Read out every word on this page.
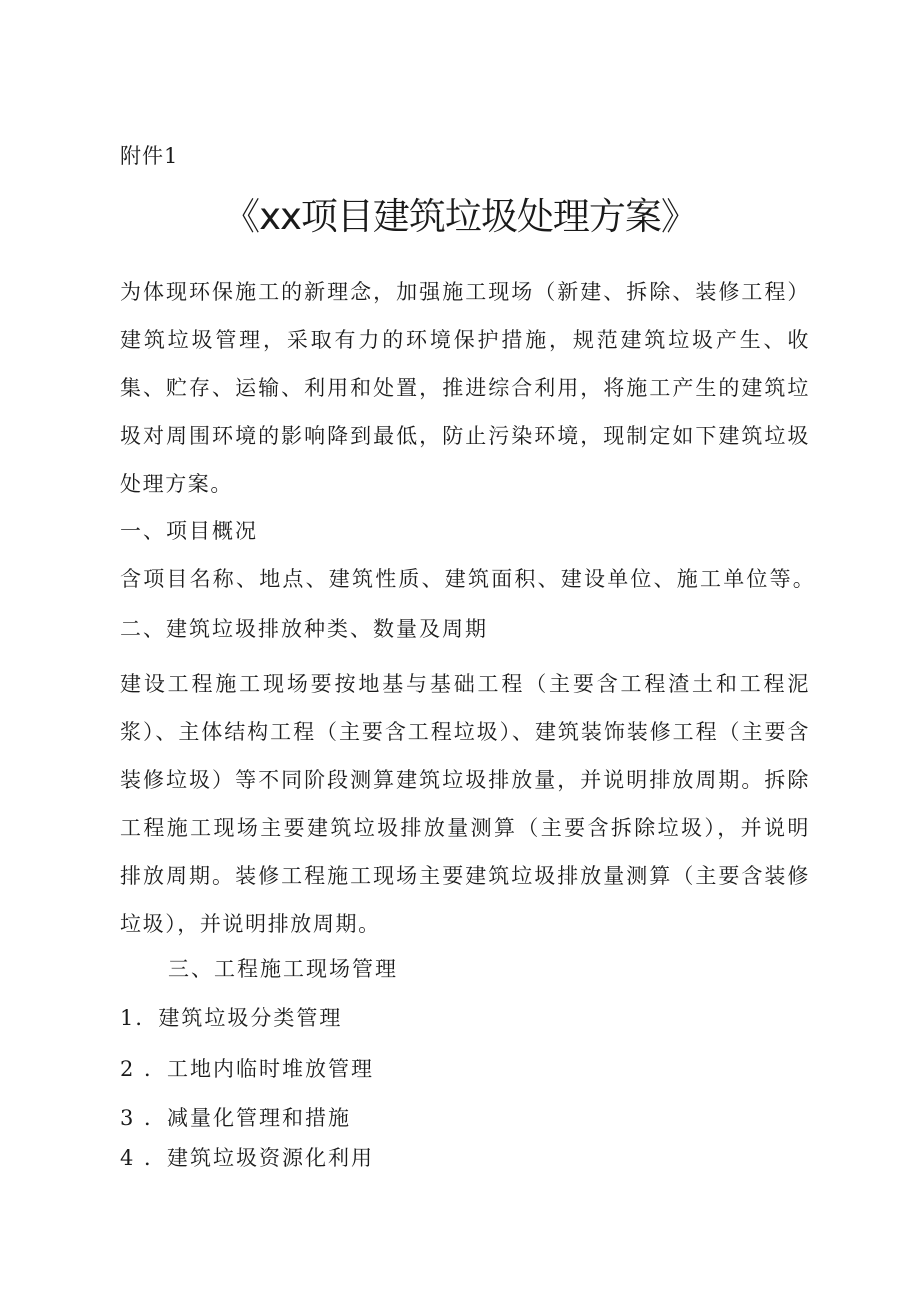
附件1
《xx项目建筑垃圾处理方案》
为体现环保施工的新理念，加强施工现场（新建、拆除、装修工程）建筑垃圾管理，采取有力的环境保护措施，规范建筑垃圾产生、收集、贮存、运输、利用和处置，推进综合利用，将施工产生的建筑垃圾对周围环境的影响降到最低，防止污染环境，现制定如下建筑垃圾处理方案。
一、项目概况
含项目名称、地点、建筑性质、建筑面积、建设单位、施工单位等。
二、建筑垃圾排放种类、数量及周期
建设工程施工现场要按地基与基础工程（主要含工程渣土和工程泥浆）、主体结构工程（主要含工程垃圾）、建筑装饰装修工程（主要含装修垃圾）等不同阶段测算建筑垃圾排放量，并说明排放周期。拆除工程施工现场主要建筑垃圾排放量测算（主要含拆除垃圾），并说明排放周期。装修工程施工现场主要建筑垃圾排放量测算（主要含装修垃圾），并说明排放周期。
三、工程施工现场管理
1．建筑垃圾分类管理
2 ．工地内临时堆放管理
3 ．减量化管理和措施
4 ．建筑垃圾资源化利用
